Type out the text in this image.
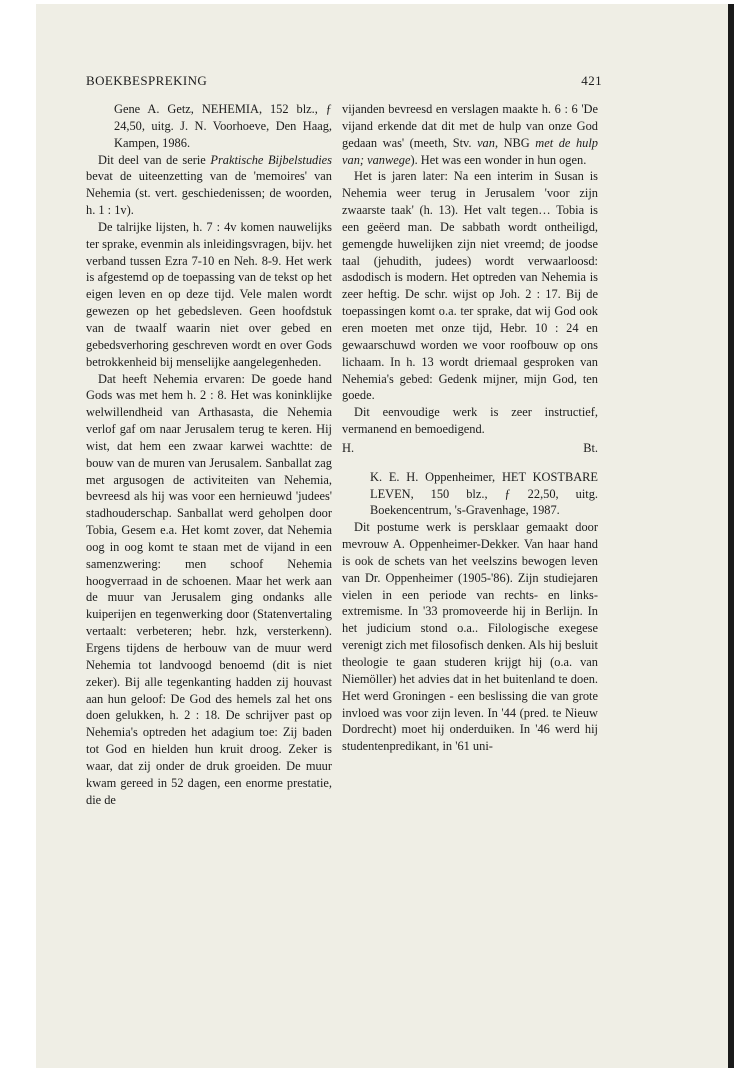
BOEKBESPREKING	421

Gene A. Getz, NEHEMIA, 152 blz., ƒ 24,50, uitg. J. N. Voorhoeve, Den Haag, Kampen, 1986.

Dit deel van de serie Praktische Bijbelstudies bevat de uiteenzetting van de 'memoires' van Nehemia (st. vert. geschiedenissen; de woorden, h. 1 : 1v).

De talrijke lijsten, h. 7 : 4v komen nauwelijks ter sprake, evenmin als inleidingsvragen, bijv. het verband tussen Ezra 7-10 en Neh. 8-9. Het werk is afgestemd op de toepassing van de tekst op het eigen leven en op deze tijd. Vele malen wordt gewezen op het gebedsleven. Geen hoofdstuk van de twaalf waarin niet over gebed en gebedsverhoring geschreven wordt en over Gods betrokkenheid bij menselijke aangelegenheden.

Dat heeft Nehemia ervaren: De goede hand Gods was met hem h. 2 : 8. Het was koninklijke welwillendheid van Arthasasta, die Nehemia verlof gaf om naar Jerusalem terug te keren. Hij wist, dat hem een zwaar karwei wachtte: de bouw van de muren van Jerusalem. Sanballat zag met argusogen de activiteiten van Nehemia, bevreesd als hij was voor een hernieuwd 'judees' stadhouderschap. Sanballat werd geholpen door Tobia, Gesem e.a. Het komt zover, dat Nehemia oog in oog komt te staan met de vijand in een samenzwering: men schoof Nehemia hoogverraad in de schoenen. Maar het werk aan de muur van Jerusalem ging ondanks alle kuiperijen en tegenwerking door (Statenvertaling vertaalt: verbeteren; hebr. hzk, versterkenn). Ergens tijdens de herbouw van de muur werd Nehemia tot landvoogd benoemd (dit is niet zeker). Bij alle tegenkanting hadden zij houvast aan hun geloof: De God des hemels zal het ons doen gelukken, h. 2 : 18. De schrijver past op Nehemia's optreden het adagium toe: Zij baden tot God en hielden hun kruit droog. Zeker is waar, dat zij onder de druk groeiden. De muur kwam gereed in 52 dagen, een enorme prestatie, die de

vijanden bevreesd en verslagen maakte h. 6 : 6 'De vijand erkende dat dit met de hulp van onze God gedaan was' (meeth, Stv. van, NBG met de hulp van; vanwege). Het was een wonder in hun ogen.

Het is jaren later: Na een interim in Susan is Nehemia weer terug in Jerusalem 'voor zijn zwaarste taak' (h. 13). Het valt tegen… Tobia is een geëerd man. De sabbath wordt ontheiligd, gemengde huwelijken zijn niet vreemd; de joodse taal (jehudith, judees) wordt verwaarloosd: asdodisch is modern. Het optreden van Nehemia is zeer heftig. De schr. wijst op Joh. 2 : 17. Bij de toepassingen komt o.a. ter sprake, dat wij God ook eren moeten met onze tijd, Hebr. 10 : 24 en gewaarschuwd worden we voor roofbouw op ons lichaam. In h. 13 wordt driemaal gesproken van Nehemia's gebed: Gedenk mijner, mijn God, ten goede.

Dit eenvoudige werk is zeer instructief, vermanend en bemoedigend.

H.	Bt.

K. E. H. Oppenheimer, HET KOSTBARE LEVEN, 150 blz., ƒ 22,50, uitg. Boekencentrum, 's-Gravenhage, 1987.

Dit postume werk is persklaar gemaakt door mevrouw A. Oppenheimer-Dekker. Van haar hand is ook de schets van het veelszins bewogen leven van Dr. Oppenheimer (1905-'86). Zijn studiejaren vielen in een periode van rechts- en links-extremisme. In '33 promoveerde hij in Berlijn. In het judicium stond o.a.. Filologische exegese verenigt zich met filosofisch denken. Als hij besluit theologie te gaan studeren krijgt hij (o.a. van Niemöller) het advies dat in het buitenland te doen. Het werd Groningen - een beslissing die van grote invloed was voor zijn leven. In '44 (pred. te Nieuw Dordrecht) moet hij onderduiken. In '46 werd hij studentenpredikant, in '61 uni-
